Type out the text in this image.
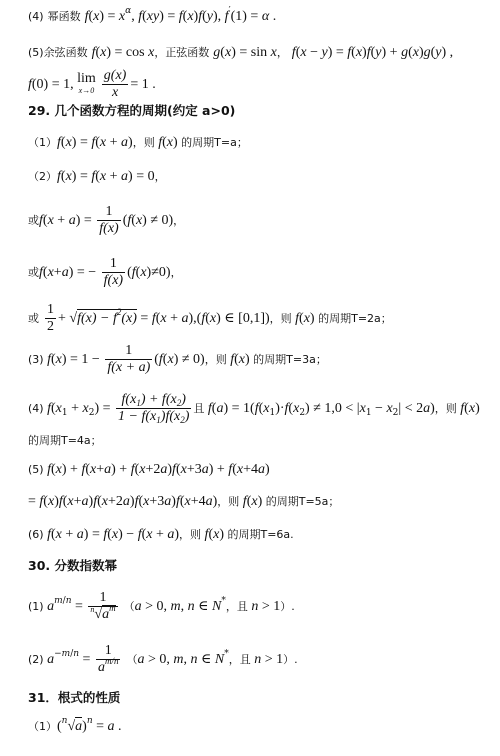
(4) 幂函数 $f(x) = x^\alpha$, f(xy) = f(x)f(y), f′(1) = α .
(5)余弦函数 f(x) = cos x，正弦函数 g(x) = sin x， f(x − y) = f(x)f(y) + g(x)g(y) ,
f(0) = 1, lim
x→0
$\frac{g(x)}{x} = 1$ .
29. 几个函数方程的周期(约定 a>0)
（1）f(x) = f(x + a)，则 f(x) 的周期T=a；
（2）f(x) = f(x + a) = 0，
或$f(x + a) = \frac{1}{f(x)} (f(x) \ne 0)$，
或f(x+a) = − $\frac{1}{f(x)} (f(x)\ne 0)$，
或 $\frac{1}{2} + √f(x) - f^2(x) = f(x + a),(f(x)$ ∈ [0,1])，则 f(x) 的周期T=2a；
(3) $f(x) = 1 - \frac{1}{f(x + a)} (f(x) \ne 0)$，则 f(x) 的周期T=3a；
(4) $f(x_1 + x_2) = \frac{f(x_1) + f(x_2)}{1 - f(x_1)f(x_2)}$ 且 $f(a) = 1(f(x_1)\cdot f(x_2) \ne 1,0 < |x_1 - x_2| < 2a)$，则 f(x)
的周期T=4a；
(5) f(x) + f(x+a) + f(x+2a)f(x+3a) + f(x+4a)
= f(x)f(x+a)f(x+2a)f(x+3a)f(x+4a)，则 f(x) 的周期T=5a；
(6) f(x + a) = f(x) − f(x + a)，则 f(x) 的周期T=6a.
30. 分数指数幂
(1) $a^{m/n} = \frac{1}{^n√a^m} (a > 0$, m, n ∈ N*，且 n > 1）.
(2) $a^{-m/n} = \frac{1}{a^{m/n}} (a > 0$, m, n ∈ N*，且 n > 1）.
31．根式的性质
$(1)(^n√a)^n = a$ .
